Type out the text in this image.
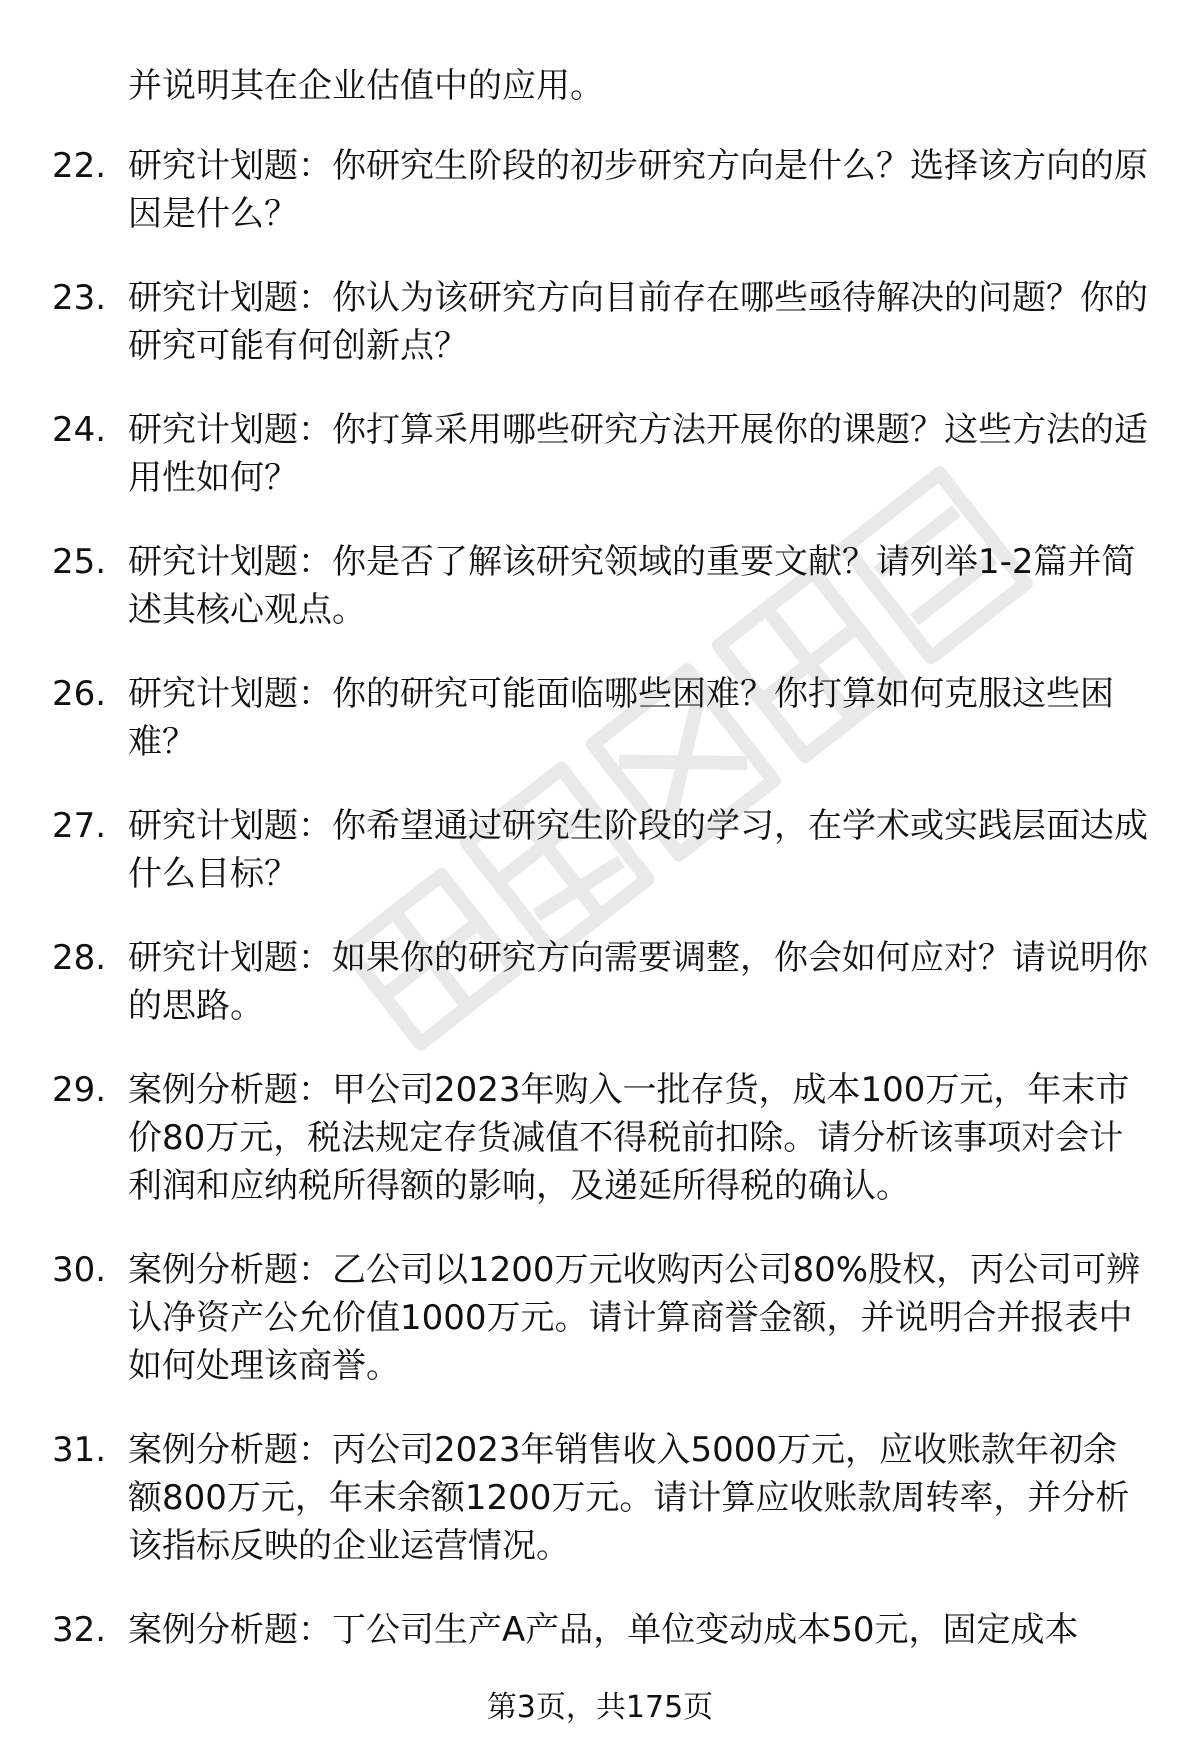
并说明其在企业估值中的应用。
22. 研究计划题：你研究生阶段的初步研究方向是什么？选择该方向的原因是什么？
23. 研究计划题：你认为该研究方向目前存在哪些亟待解决的问题？你的研究可能有何创新点？
24. 研究计划题：你打算采用哪些研究方法开展你的课题？这些方法的适用性如何？
25. 研究计划题：你是否了解该研究领域的重要文献？请列举1-2篇并简述其核心观点。
26. 研究计划题：你的研究可能面临哪些困难？你打算如何克服这些困难？
27. 研究计划题：你希望通过研究生阶段的学习，在学术或实践层面达成什么目标？
28. 研究计划题：如果你的研究方向需要调整，你会如何应对？请说明你的思路。
29. 案例分析题：甲公司2023年购入一批存货，成本100万元，年末市价80万元，税法规定存货减值不得税前扣除。请分析该事项对会计利润和应纳税所得额的影响，及递延所得税的确认。
30. 案例分析题：乙公司以1200万元收购丙公司80%股权，丙公司可辨认净资产公允价值1000万元。请计算商誉金额，并说明合并报表中如何处理该商誉。
31. 案例分析题：丙公司2023年销售收入5000万元，应收账款年初余额800万元，年末余额1200万元。请计算应收账款周转率，并分析该指标反映的企业运营情况。
32. 案例分析题：丁公司生产A产品，单位变动成本50元，固定成本
第3页，共175页
